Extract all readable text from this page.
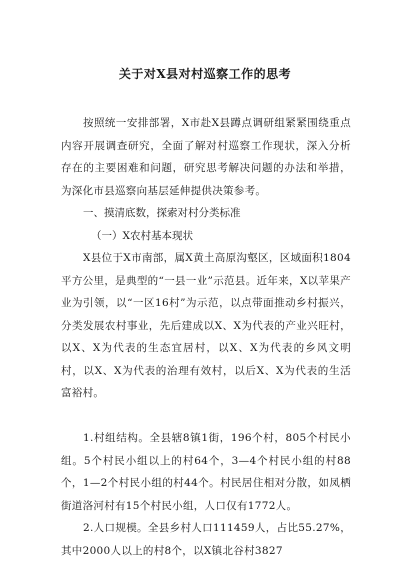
关于对X县对村巡察工作的思考

按照统一安排部署，X市赴X县蹲点调研组紧紧围绕重点内容开展调查研究，全面了解对村巡察工作现状，深入分析存在的主要困难和问题，研究思考解决问题的办法和举措，为深化市县巡察向基层延伸提供决策参考。

一、摸清底数，探索对村分类标准
（一）X农村基本现状

X县位于X市南部，属X黄土高原沟壑区，区域面积1804平方公里，是典型的“一县一业”示范县。近年来，X以苹果产业为引领，以“一区16村”为示范，以点带面推动乡村振兴，分类发展农村事业，先后建成以X、X为代表的产业兴旺村，以X、X为代表的生态宜居村，以X、X为代表的乡风文明村，以X、X为代表的治理有效村，以后X、X为代表的生活富裕村。

1.村组结构。全县辖8镇1街，196个村，805个村民小组。5个村民小组以上的村64个，3—4个村民小组的村88个，1—2个村民小组的村44个。村民居住相对分散，如凤栖街道洛河村有15个村民小组，人口仅有1772人。

2.人口规模。全县乡村人口111459人，占比55.27%，其中2000人以上的村8个，以X镇北谷村3827
